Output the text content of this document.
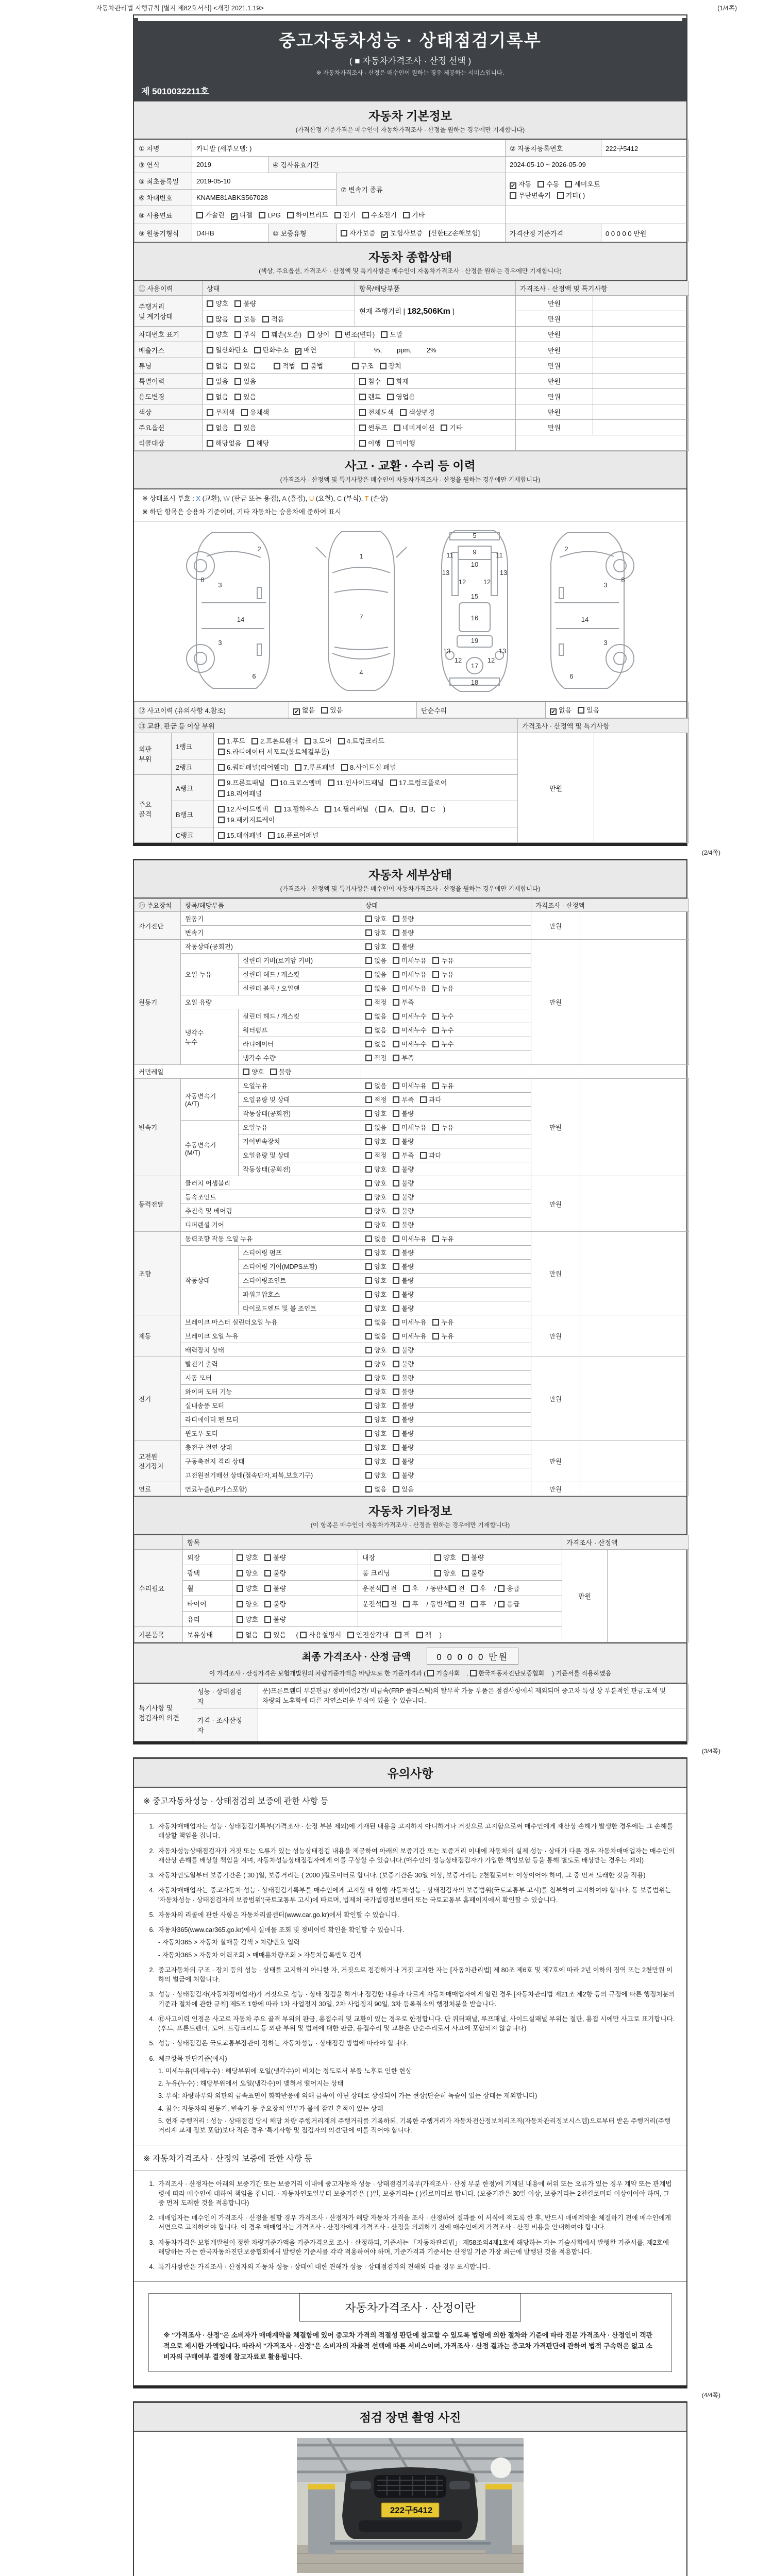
자동차관리법 시행규칙 [별지 제82호서식] <개정 2021.1.19>	(1/4쪽)
중고자동차성능 · 상태점검기록부
( ■ 자동차가격조사 · 산정 선택 )
※ 자동차가격조사 · 산정은 매수인이 원하는 경우 제공하는 서비스입니다.
제 5010032211호
자동차 기본정보
(가격산정 기준가격은 매수인이 자동차가격조사 · 산정을 원하는 경우에만 기재합니다)
① 차명	카니발 (세부모델: )			② 자동차등록번호	222구5412
③ 연식	2019	④ 검사유효기간		2024-05-10 ~ 2026-05-09	
⑤ 최초등록일	2019-05-10		⑦ 변속기 종류	✔자동 수동 세미오토
무단변속기 기타( )
⑥ 차대번호	KNAME81ABKS567028				
⑧ 사용연료	가솔린 ✔ 디젤 LPG 하이브리드 전기 수소전기 기타	
⑨ 원동기형식	D4HB	⑩ 보증유형	자가보증 ✔ 보험사보증 [신한EZ손해보험]	가격산정 기준가격	0 0 0 0 0 만원
자동차 종합상태
(색상, 주요옵션, 가격조사 · 산정액 및 특기사항은 매수인이 자동차가격조사 · 산정을 원하는 경우에만 기재합니다)
⑪ 사용이력	상태	항목/해당부품	가격조사 · 산정액 및 특기사항	
주행거리
및 계기상태	양호 불량	현재 주행거리 [ 182,506Km ]	만원	
	많음 보통 적음		만원	
차대번호 표기	양호 부식 훼손(오손) 상이 변조(변타) 도말		만원	
배출가스	일산화탄소 탄화수소 ✔ 매연	%,        ppm,        2%	만원	
튜닝	없음 있음 적법 불법 구조 장치		만원	
특별이력	없음 있음	침수 화재	만원	
용도변경	없음 있음	렌트 영업용	만원	
색상	무채색 유채색	전체도색 색상변경	만원	
주요옵션	없음 있음	썬루프 네비게이션 기타	만원	
리콜대상	해당없음 해당	이행 미이행		
사고 · 교환 · 수리 등 이력
(가격조사 · 산정액 및 특기사항은 매수인이 자동차가격조사 · 산정을 원하는 경우에만 기재합니다)
※ 상태표시 부호 : X (교환), W (판금 또는 용접), A (흠집), U (요철), C (부식), T (손상)
※ 하단 항목은 승용차 기준이며, 기타 자동차는 승용차에 준하여 표시
2
8
3
14
3
6
1
7
4
5
9
10
11	11
13	13
12	12
15
16
19
13	13
12	12
17
18
2
8
3
14
3
6
⑫ 사고이력 (유의사항 4.참조)	✔없음 있음	단순수리	✔없음 있음
⑬ 교환, 판금 등 이상 부위			가격조사 · 산정액 및 특기사항	
외판
부위	1랭크	1.후드 2.프론트휀더 3.도어 4.트렁크리드
5.라디에이터 서포트(볼트체결부품)	만원	
	2랭크	6.쿼터패널(리어휀더) 7.루프패널 8.사이드실 패널		
주요
골격	A랭크	9.프론트패널 10.크로스멤버 11.인사이드패널 17.트렁크플로어
18.리어패널		
	B랭크	12.사이드멤버 13.휠하우스 14.필러패널 ( A, B, C )
19.패키지트레이		
	C랭크	15.대쉬패널 16.플로어패널		
(2/4쪽)
자동차 세부상태
(가격조사 · 산정액 및 특기사항은 매수인이 자동차가격조사 · 산정을 원하는 경우에만 기재합니다)
⑭ 주요장치	항목/해당부품		상태	가격조사 · 산정액	
자기진단	원동기		양호 불량	만원	
	변속기		양호 불량		
원동기	작동상태(공회전)		양호 불량	만원	
	오일 누유	실린더 커버(로커암 커버)	없음 미세누유 누유		
		실린더 헤드 / 개스킷	없음 미세누유 누유		
		실린더 블록 / 오일팬	없음 미세누유 누유		
	오일 유량		적정 부족		
	냉각수
누수	실린더 헤드 / 개스킷	없음 미세누수 누수		
		워터펌프	없음 미세누수 누수		
		라디에이터	없음 미세누수 누수		
		냉각수 수량	적정 부족		
커먼레일		양호 불량			
변속기	자동변속기
(A/T)	오일누유	없음 미세누유 누유	만원	
		오일유량 및 상태	적정 부족 과다		
		작동상태(공회전)	양호 불량		
	수동변속기
(M/T)	오일누유	없음 미세누유 누유		
		기어변속장치	양호 불량		
		오일유량 및 상태	적정 부족 과다		
		작동상태(공회전)	양호 불량		
동력전달	클러치 어셈블리		양호 불량	만원	
	등속조인트		양호 불량		
	추진축 및 베어링		양호 불량		
	디퍼렌셜 기어		양호 불량		
조향	동력조향 작동 오일 누유		없음 미세누유 누유	만원	
	작동상태	스티어링 펌프	양호 불량		
		스티어링 기어(MDPS포함)	양호 불량		
		스티어링조인트	양호 불량		
		파워고압호스	양호 불량		
		타이로드엔드 및 볼 조인트	양호 불량		
제동	브레이크 마스터 실린더오일 누유		없음 미세누유 누유	만원	
	브레이크 오일 누유		없음 미세누유 누유		
	배력장치 상태		양호 불량		
전기	발전기 출력		양호 불량	만원	
	시동 모터		양호 불량		
	와이퍼 모터 기능		양호 불량		
	실내송풍 모터		양호 불량		
	라디에이터 팬 모터		양호 불량		
	윈도우 모터		양호 불량		
고전원
전기장치	충전구 절연 상태		양호 불량	만원	
	구동축전지 격리 상태		양호 불량		
	고전원전기배선 상태(접속단자,피복,보호기구)		양호 불량		
연료	연료누출(LP가스포함)		없음 있음	만원	
자동차 기타정보
(이 항목은 매수인이 자동차가격조사 · 산정을 원하는 경우에만 기재합니다)
	항목				가격조사 · 산정액	
수리필요	외장	양호 불량	내장	양호 불량	만원	
	광택	양호 불량	룸 크리닝	양호 불량		
	휠	양호 불량	운전석 전 후 / 동반석 전 후 / 응급			
	타이어	양호 불량	운전석 전 후 / 동반석 전 후 / 응급			
	유리	양호 불량				
기본품목	보유상태	없음 있음  ( 사용설명서 안전삼각대 잭 잭 )				
최종 가격조사 · 산정 금액	0 0 0 0 0 만원
이 가격조사 · 산정가격은 보험개발원의 차량기준가액을 바탕으로 한 기준가격과 ( 기술사회 , 한국자동차진단보증협회 ) 기준서를 적용하였음
특기사항 및
점검자의 의견	성능 · 상태점검
자	운)프론트휀더 부분판금/ 정비이력2건/ 비금속(FRP 플라스틱)의 탈부착 가능 부품은 점검사항에서 제외되며 중고차 특성 상 부분적인 판금.도색 및 차량의 노후화에 따른 자연스러운 부식이 있을 수 있습니다.
	가격 · 조사산정
자	
(3/4쪽)
유의사항
※ 중고자동차성능 · 상태점검의 보증에 관한 사항 등
1. 자동차매매업자는 성능 · 상태점검기록부(가격조사 · 산정 부분 제외)에 기재된 내용을 고지하지 아니하거나 거짓으로 고지함으로써 매수인에게 재산상 손해가 발생한 경우에는 그 손해를 배상할 책임을 집니다.
2. 자동차성능상태점검자가 거짓 또는 오류가 있는 성능상태점검 내용을 제공하여 아래의 보증기간 또는 보증거리 이내에 자동차의 실제 성능 · 상태가 다른 경우 자동차매매업자는 매수인의 재산상 손해를 배상할 책임을 지며, 자동차성능상태점검자에게 이를 구상할 수 있습니다.(매수인이 성능상태점검자가 가입한 책임보험 등을 통해 별도로 배상받는 경우는 제외)
3. 자동차인도일부터 보증기간은 ( 30 )일, 보증거리는 ( 2000 )킬로미터로 합니다. (보증기간은 30일 이상, 보증거리는 2천킬로미터 이상이어야 하며, 그 중 먼저 도래한 것을 적용)
4. 자동차매매업자는 중고자동차 성능 · 상태점검기록부를 매수인에게 고지할 때 현행 자동차성능 · 상태점검자의 보증범위(국토교통부 고시)를 첨부하여 고지하여야 합니다. 동 보증범위는 '자동차성능 · 상태점검자의 보증범위'(국토교통부 고시)에 따르며, 법제처 국가법령정보센터 또는 국토교통부 홈페이지에서 확인할 수 있습니다.
5. 자동차의 리콜에 관한 사항은 자동차리콜센터(www.car.go.kr)에서 확인할 수 있습니다.
6. 자동차365(www.car365.go.kr)에서 실매물 조회 및 정비이력 확인을 확인할 수 있습니다.
- 자동차365 > 자동차 실매물 검색 > 차량번호 입력
- 자동차365 > 자동차 이력조회 > 매매용차량조회 > 자동차등록번호 검색
2. 중고자동차의 구조 · 장치 등의 성능 · 상태를 고지하지 아니한 자, 거짓으로 점검하거나 거짓 고지한 자는 [자동차관리법] 제 80조 제6호 및 제7호에 따라 2년 이하의 징역 또는 2천만원 이하의 벌금에 처합니다.
3. 성능 · 상태점검자(자동차정비업자)가 거짓으로 성능 · 상태 점검을 하거나 점검한 내용과 다르게 자동차매매업자에게 알린 경우 [자동차관리법 제21조 제2항 등의 규정에 따른 행정처분의 기준과 절차에 관한 규칙] 제5조 1항에 따라 1차 사업정지 30일, 2차 사업정지 90일, 3차 등록취소의 행정처분을 받습니다.
4. ⑫사고이력 인정은 사고로 자동차 주요 골격 부위의 판금, 용접수리 및 교환이 있는 경우로 한정합니다. 단 쿼터패널, 루프패널, 사이드실패널 부위는 절단, 용접 시에만 사고로 표기합니다. (후드, 프론트펜더, 도어, 트렁크리드 등 외판 부위 및 범퍼에 대한 판금, 용접수리 및 교환은 단순수리로서 사고에 포함되지 않습니다)
5. 성능 · 상태점검은 국토교통부장관이 정하는 자동차성능 · 상태점검 방법에 따라야 합니다.
6. 체크항목 판단기준(예시)
1. 미세누유(미세누수) : 해당부위에 오일(냉각수)이 비치는 정도로서 부품 노후로 인한 현상
2. 누유(누수) : 해당부위에서 오일(냉각수)이 맺혀서 떨어지는 상태
3. 부식: 차량하부와 외판의 금속표면이 화학반응에 의해 금속이 아닌 상태로 상실되어 가는 현상(단순히 녹슬어 있는 상태는 제외합니다)
4. 침수: 자동차의 원동기, 변속기 등 주요장치 일부가 물에 잠긴 흔적이 있는 상태
5. 현재 주행거리 : 성능 · 상태점검 당시 해당 차량 주행거리계의 주행거리를 기록하되, 기록한 주행거리가 자동차전산정보처리조직(자동차관리정보시스템)으로부터 받은 주행거리(주행거리계 교체 정보 포함)보다 적은 경우 '특기사항 및 점검자의 의견'란에 이를 적어야 합니다.
※ 자동차가격조사 · 산정의 보증에 관한 사항 등
1. 가격조사 · 산정자는 아래의 보증기간 또는 보증거리 이내에 중고자동차 성능 · 상태점검기록부(가격조사 · 산정 부분 한정)에 기재된 내용에 허위 또는 오류가 있는 경우 계약 또는 관계법령에 따라 매수인에 대하여 책임을 집니다. · 자동차인도일부터 보증기간은 ( )일, 보증거리는 ( )킬로미터로 합니다. (보증기간은 30일 이상, 보증거리는 2천킬로미터 이상이어야 하며, 그 중 먼저 도래한 것을 적용합니다)
2. 매매업자는 매수인이 가격조사 · 산정을 원할 경우 가격조사 · 산정자가 해당 자동차 가격을 조사 · 산정하여 결과를 이 서식에 적도록 한 후, 반드시 매매계약을 체결하기 전에 매수인에게 서면으로 고지하여야 합니다. 이 경우 매매업자는 가격조사 · 산정자에게 가격조사 · 산정을 의뢰하기 전에 매수인에게 가격조사 · 산정 비용을 안내하여야 합니다.
3. 자동차가격은 보험개발원이 정한 차량기준가액을 기준가격으로 조사 · 산정하되, 기준서는 「자동차관리법」 제58조의4제1호에 해당하는 자는 기술사회에서 발행한 기준서를, 제2호에 해당하는 자는 한국자동차진단보증협회에서 발행한 기준서를 각각 적용하여야 하며, 기준가격과 기준서는 산정일 기준 가장 최근에 발행된 것을 적용합니다.
4. 특기사항란은 가격조사 · 산정자의 자동차 성능 · 상태에 대한 견해가 성능 · 상태점검자의 견해와 다를 경우 표시합니다.
자동차가격조사 · 산정이란
※ "가격조사 · 산정"은 소비자가 매매계약을 체결함에 있어 중고차 가격의 적절성 판단에 참고할 수 있도록 법령에 의한 절차와 기준에 따라 전문 가격조사 · 산정인이 객관적으로 제시한 가액입니다. 따라서 "가격조사 · 산정"은 소비자의 자율적 선택에 따른 서비스이며, 가격조사 · 산정 결과는 중고차 가격판단에 관하여 법적 구속력은 없고 소비자의 구매여부 결정에 참고자료로 활용됩니다.
(4/4쪽)
점검 장면 촬영 사진
222구5412
